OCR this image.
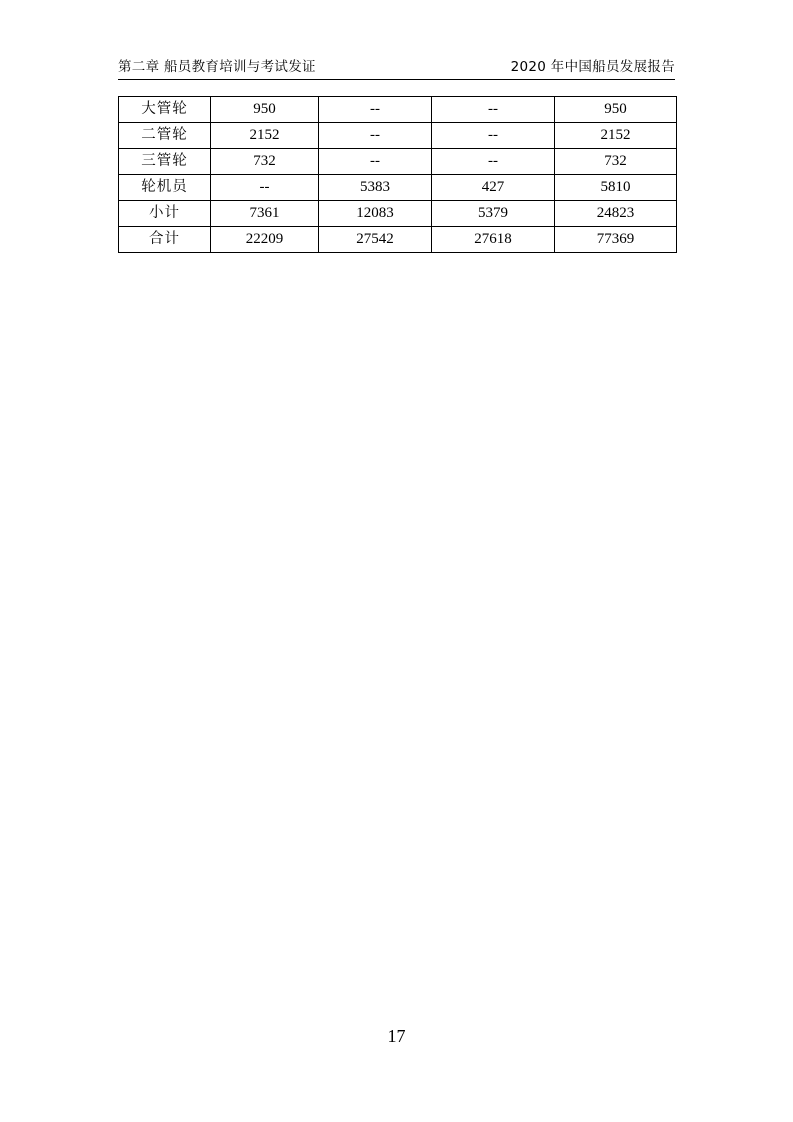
第二章 船员教育培训与考试发证	2020 年中国船员发展报告
大管轮	950	--	--	950
二管轮	2152	--	--	2152
三管轮	732	--	--	732
轮机员	--	5383	427	5810
小计	7361	12083	5379	24823
合计	22209	27542	27618	77369
17
